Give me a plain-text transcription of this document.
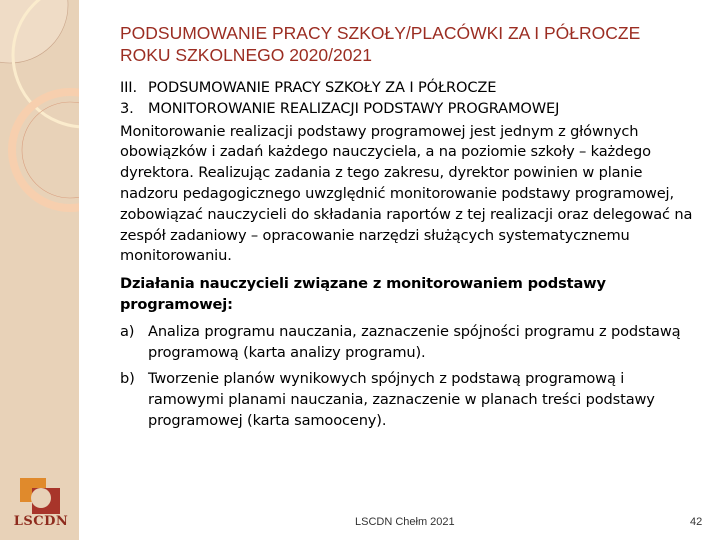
LSCDN
PODSUMOWANIE PRACY SZKOŁY/PLACÓWKI ZA I PÓŁROCZE ROKU SZKOLNEGO 2020/2021

III. PODSUMOWANIE PRACY SZKOŁY ZA I PÓŁROCZE

3. MONITOROWANIE REALIZACJI PODSTAWY PROGRAMOWEJ

Monitorowanie realizacji podstawy programowej jest jednym z głównych obowiązków i zadań każdego nauczyciela, a na poziomie szkoły – każdego dyrektora. Realizując zadania z tego zakresu, dyrektor powinien w planie nadzoru pedagogicznego uwzględnić monitorowanie podstawy programowej, zobowiązać nauczycieli do składania raportów z tej realizacji oraz delegować na zespół zadaniowy – opracowanie narzędzi służących systematycznemu monitorowaniu.

Działania nauczycieli związane z monitorowaniem podstawy programowej:

a) Analiza programu nauczania, zaznaczenie spójności programu z podstawą programową (karta analizy programu).
b) Tworzenie planów wynikowych spójnych z podstawą programową i ramowymi planami nauczania, zaznaczenie w planach treści podstawy programowej (karta samooceny).
LSCDN Chełm 2021	42
